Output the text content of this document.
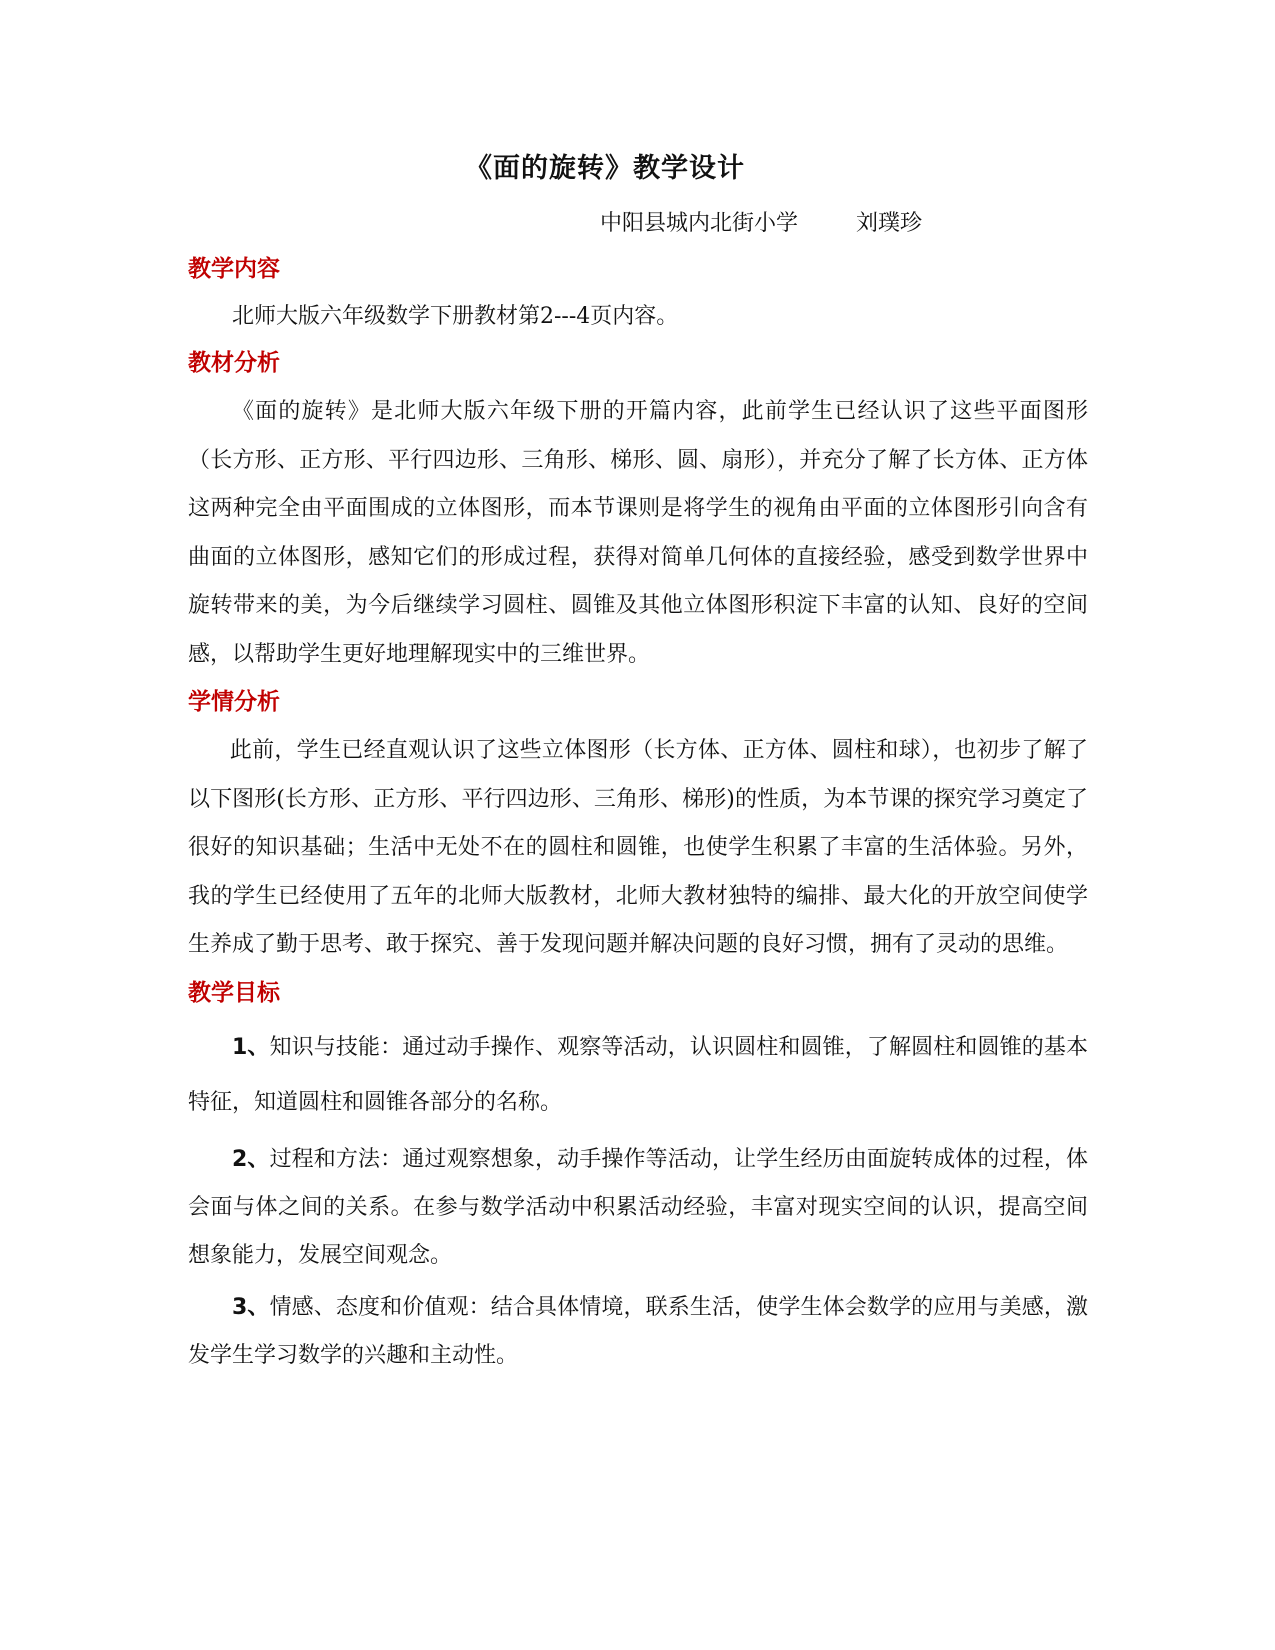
《面的旋转》教学设计
中阳县城内北街小学	刘璞珍
教学内容

北师大版六年级数学下册教材第2---4页内容。

教材分析

《面的旋转》是北师大版六年级下册的开篇内容，此前学生已经认识了这些平面图形（长方形、正方形、平行四边形、三角形、梯形、圆、扇形），并充分了解了长方体、正方体这两种完全由平面围成的立体图形，而本节课则是将学生的视角由平面的立体图形引向含有曲面的立体图形，感知它们的形成过程，获得对简单几何体的直接经验，感受到数学世界中旋转带来的美，为今后继续学习圆柱、圆锥及其他立体图形积淀下丰富的认知、良好的空间感，以帮助学生更好地理解现实中的三维世界。

学情分析

此前，学生已经直观认识了这些立体图形（长方体、正方体、圆柱和球），也初步了解了以下图形(长方形、正方形、平行四边形、三角形、梯形)的性质，为本节课的探究学习奠定了很好的知识基础；生活中无处不在的圆柱和圆锥，也使学生积累了丰富的生活体验。另外，我的学生已经使用了五年的北师大版教材，北师大教材独特的编排、最大化的开放空间使学生养成了勤于思考、敢于探究、善于发现问题并解决问题的良好习惯，拥有了灵动的思维。

教学目标

1、知识与技能：通过动手操作、观察等活动，认识圆柱和圆锥，了解圆柱和圆锥的基本特征，知道圆柱和圆锥各部分的名称。

2、过程和方法：通过观察想象，动手操作等活动，让学生经历由面旋转成体的过程，体会面与体之间的关系。在参与数学活动中积累活动经验，丰富对现实空间的认识，提高空间想象能力，发展空间观念。

3、情感、态度和价值观：结合具体情境，联系生活，使学生体会数学的应用与美感，激发学生学习数学的兴趣和主动性。
